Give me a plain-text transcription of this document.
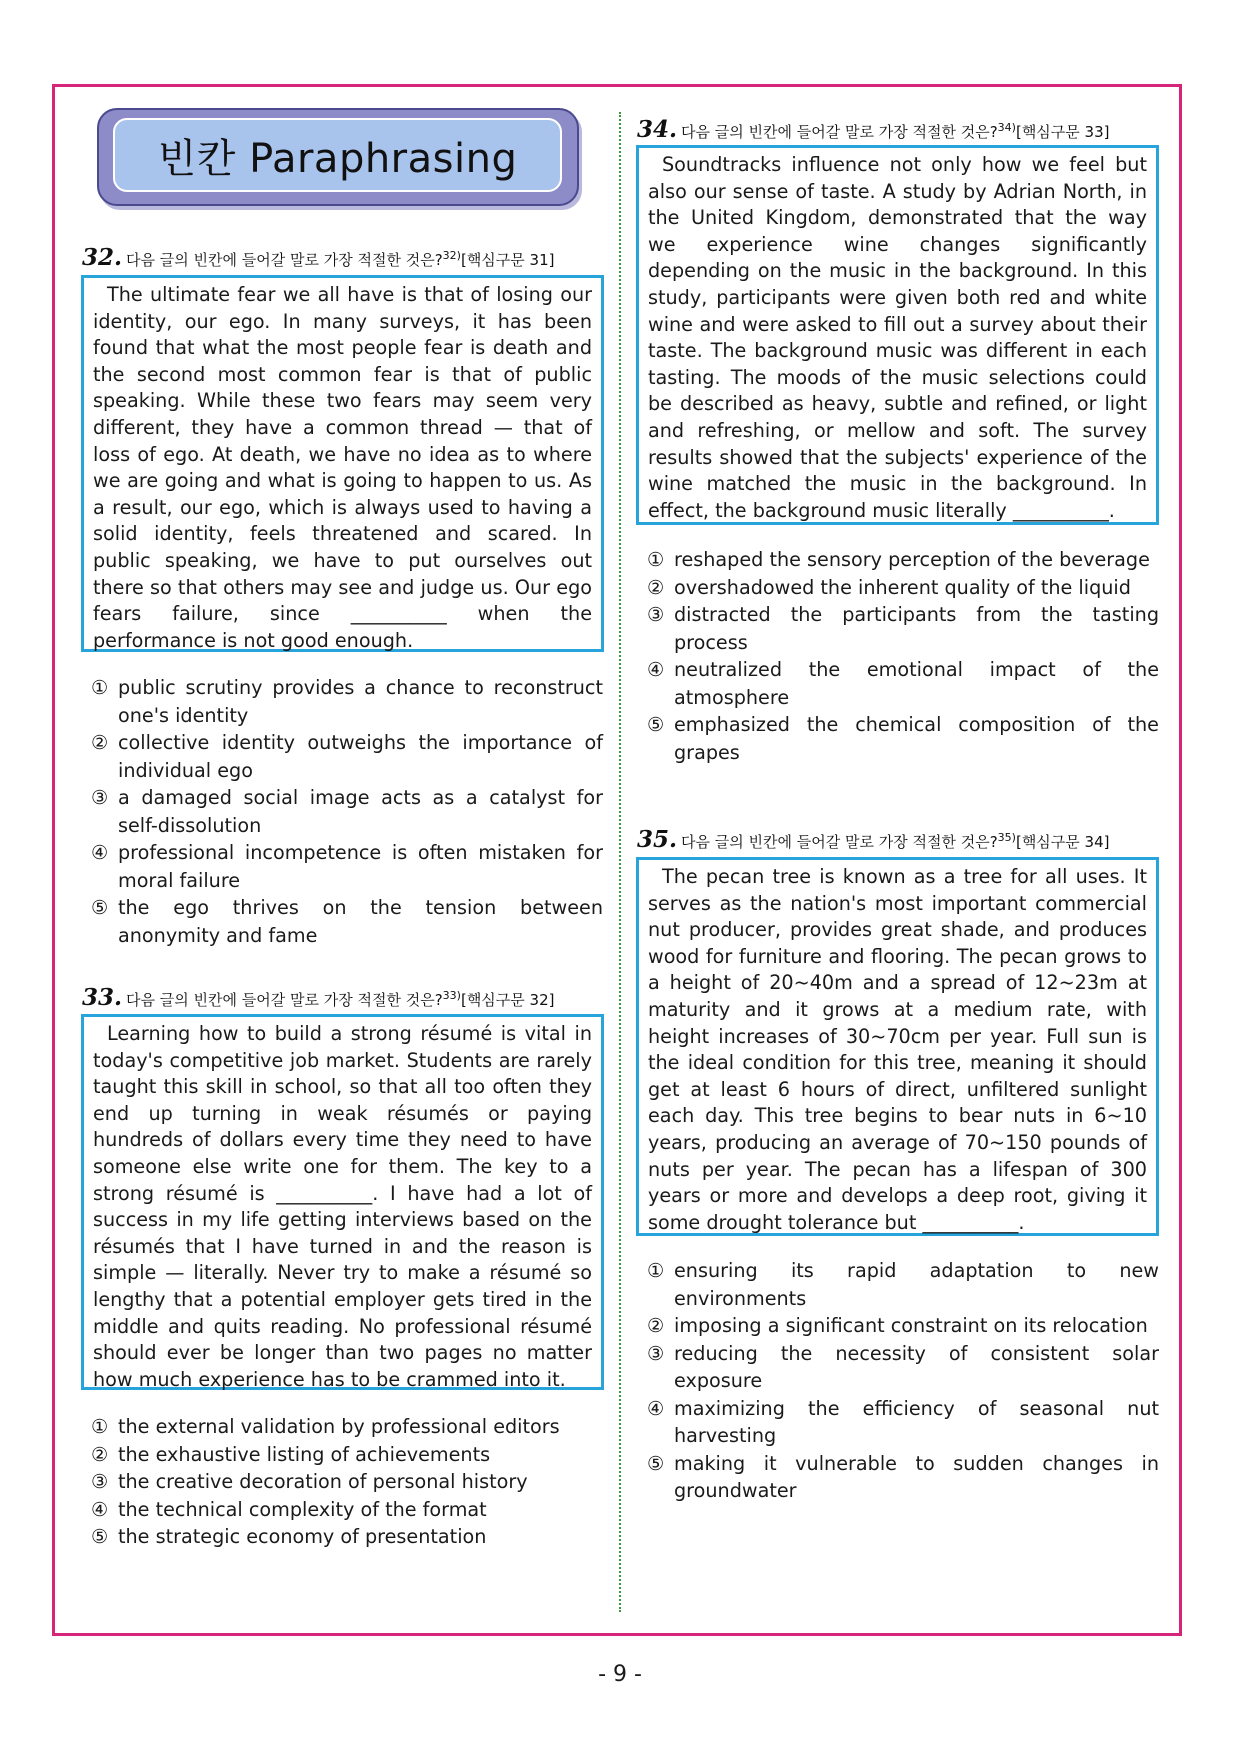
빈칸 Paraphrasing
32. 다음 글의 빈칸에 들어갈 말로 가장 적절한 것은?$^{32)}$[핵심구문 31]
The ultimate fear we all have is that of losing our identity, our ego. In many surveys, it has been found that what the most people fear is death and the second most common fear is that of public speaking. While these two fears may seem very different, they have a common thread — that of loss of ego. At death, we have no idea as to where we are going and what is going to happen to us. As a result, our ego, which is always used to having a solid identity, feels threatened and scared. In public speaking, we have to put ourselves out there so that others may see and judge us. Our ego fears failure, since __________ when the performance is not good enough.
① public scrutiny provides a chance to reconstruct one's identity
② collective identity outweighs the importance of individual ego
③ a damaged social image acts as a catalyst for self-dissolution
④ professional incompetence is often mistaken for moral failure
⑤ the ego thrives on the tension between anonymity and fame
33. 다음 글의 빈칸에 들어갈 말로 가장 적절한 것은?$^{33)}$[핵심구문 32]
Learning how to build a strong résumé is vital in today's competitive job market. Students are rarely taught this skill in school, so that all too often they end up turning in weak résumés or paying hundreds of dollars every time they need to have someone else write one for them. The key to a strong résumé is __________. I have had a lot of success in my life getting interviews based on the résumés that I have turned in and the reason is simple — literally. Never try to make a résumé so lengthy that a potential employer gets tired in the middle and quits reading. No professional résumé should ever be longer than two pages no matter how much experience has to be crammed into it.
① the external validation by professional editors
② the exhaustive listing of achievements
③ the creative decoration of personal history
④ the technical complexity of the format
⑤ the strategic economy of presentation
34. 다음 글의 빈칸에 들어갈 말로 가장 적절한 것은?$^{34)}$[핵심구문 33]
Soundtracks influence not only how we feel but also our sense of taste. A study by Adrian North, in the United Kingdom, demonstrated that the way we experience wine changes significantly depending on the music in the background. In this study, participants were given both red and white wine and were asked to fill out a survey about their taste. The background music was different in each tasting. The moods of the music selections could be described as heavy, subtle and refined, or light and refreshing, or mellow and soft. The survey results showed that the subjects' experience of the wine matched the music in the background. In effect, the background music literally __________.
① reshaped the sensory perception of the beverage
② overshadowed the inherent quality of the liquid
③ distracted the participants from the tasting process
④ neutralized the emotional impact of the atmosphere
⑤ emphasized the chemical composition of the grapes
35. 다음 글의 빈칸에 들어갈 말로 가장 적절한 것은?$^{35)}$[핵심구문 34]
The pecan tree is known as a tree for all uses. It serves as the nation's most important commercial nut producer, provides great shade, and produces wood for furniture and flooring. The pecan grows to a height of 20~40m and a spread of 12~23m at maturity and it grows at a medium rate, with height increases of 30~70cm per year. Full sun is the ideal condition for this tree, meaning it should get at least 6 hours of direct, unfiltered sunlight each day. This tree begins to bear nuts in 6~10 years, producing an average of 70~150 pounds of nuts per year. The pecan has a lifespan of 300 years or more and develops a deep root, giving it some drought tolerance but __________.
① ensuring its rapid adaptation to new environments
② imposing a significant constraint on its relocation
③ reducing the necessity of consistent solar exposure
④ maximizing the efficiency of seasonal nut harvesting
⑤ making it vulnerable to sudden changes in groundwater
- 9 -
